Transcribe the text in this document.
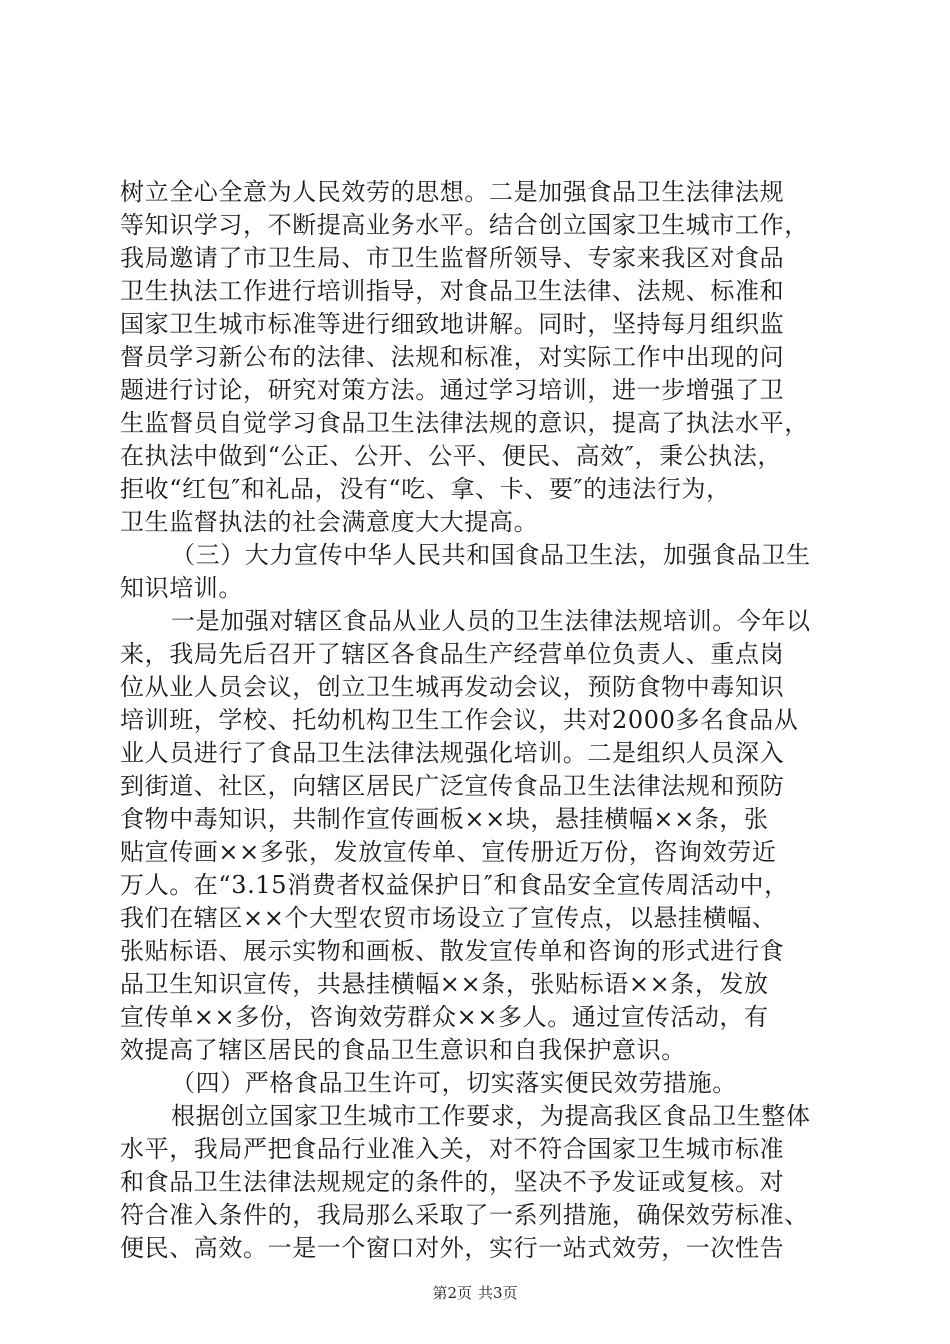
树立全心全意为人民效劳的思想。二是加强食品卫生法律法规
等知识学习，不断提高业务水平。结合创立国家卫生城市工作，
我局邀请了市卫生局、市卫生监督所领导、专家来我区对食品
卫生执法工作进行培训指导，对食品卫生法律、法规、标准和
国家卫生城市标准等进行细致地讲解。同时，坚持每月组织监
督员学习新公布的法律、法规和标准，对实际工作中出现的问
题进行讨论，研究对策方法。通过学习培训，进一步增强了卫
生监督员自觉学习食品卫生法律法规的意识，提高了执法水平，
在执法中做到“公正、公开、公平、便民、高效″，秉公执法，
拒收“红包″和礼品，没有“吃、拿、卡、要″的违法行为，
卫生监督执法的社会满意度大大提高。
（三）大力宣传中华人民共和国食品卫生法，加强食品卫生
知识培训。
一是加强对辖区食品从业人员的卫生法律法规培训。今年以
来，我局先后召开了辖区各食品生产经营单位负责人、重点岗
位从业人员会议，创立卫生城再发动会议，预防食物中毒知识
培训班，学校、托幼机构卫生工作会议，共对2000多名食品从
业人员进行了食品卫生法律法规强化培训。二是组织人员深入
到街道、社区，向辖区居民广泛宣传食品卫生法律法规和预防
食物中毒知识，共制作宣传画板××块，悬挂横幅××条，张
贴宣传画××多张，发放宣传单、宣传册近万份，咨询效劳近
万人。在“3.15消费者权益保护日″和食品安全宣传周活动中，
我们在辖区××个大型农贸市场设立了宣传点，以悬挂横幅、
张贴标语、展示实物和画板、散发宣传单和咨询的形式进行食
品卫生知识宣传，共悬挂横幅××条，张贴标语××条，发放
宣传单××多份，咨询效劳群众××多人。通过宣传活动，有
效提高了辖区居民的食品卫生意识和自我保护意识。
（四）严格食品卫生许可，切实落实便民效劳措施。
根据创立国家卫生城市工作要求，为提高我区食品卫生整体
水平，我局严把食品行业准入关，对不符合国家卫生城市标准
和食品卫生法律法规规定的条件的，坚决不予发证或复核。对
符合准入条件的，我局那么采取了一系列措施，确保效劳标准、
便民、高效。一是一个窗口对外，实行一站式效劳，一次性告
第2页 共3页
